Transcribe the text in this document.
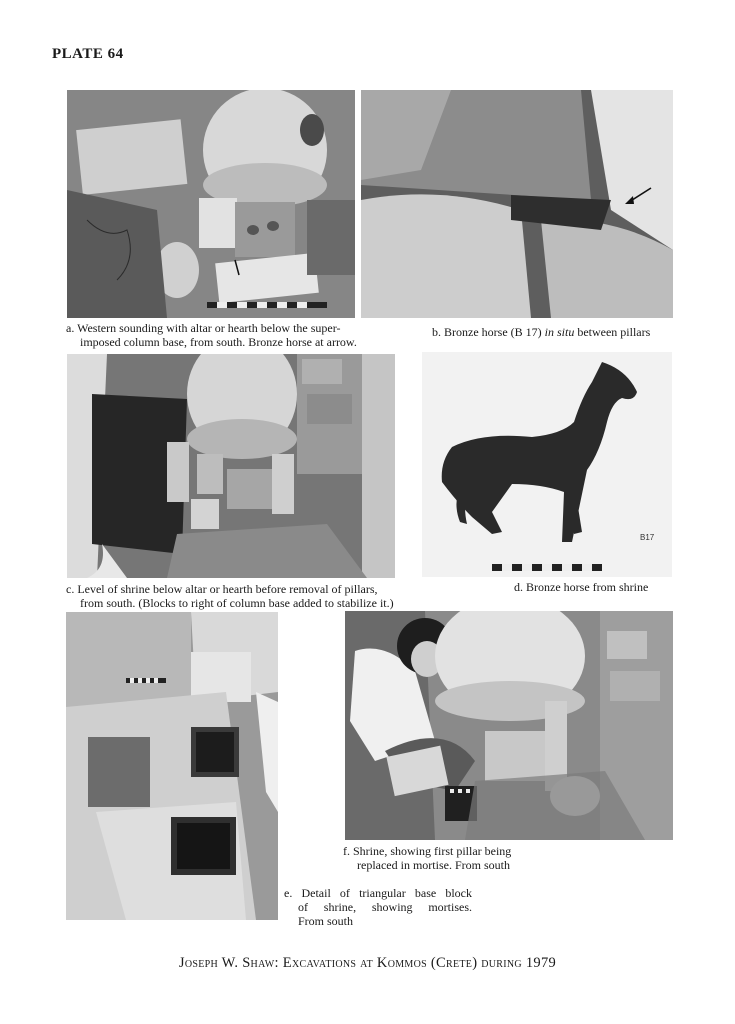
PLATE 64
a. Western sounding with altar or hearth below the super-
imposed column base, from south. Bronze horse at arrow.
b. Bronze horse (B 17) in situ between pillars
B17
c. Level of shrine below altar or hearth before removal of pillars,
from south. (Blocks to right of column base added to stabilize it.)
d. Bronze horse from shrine
f. Shrine, showing first pillar being
replaced in mortise. From south
e. Detail of triangular base block
of shrine, showing mortises.
From south
Joseph W. Shaw: Excavations at Kommos (Crete) during 1979
